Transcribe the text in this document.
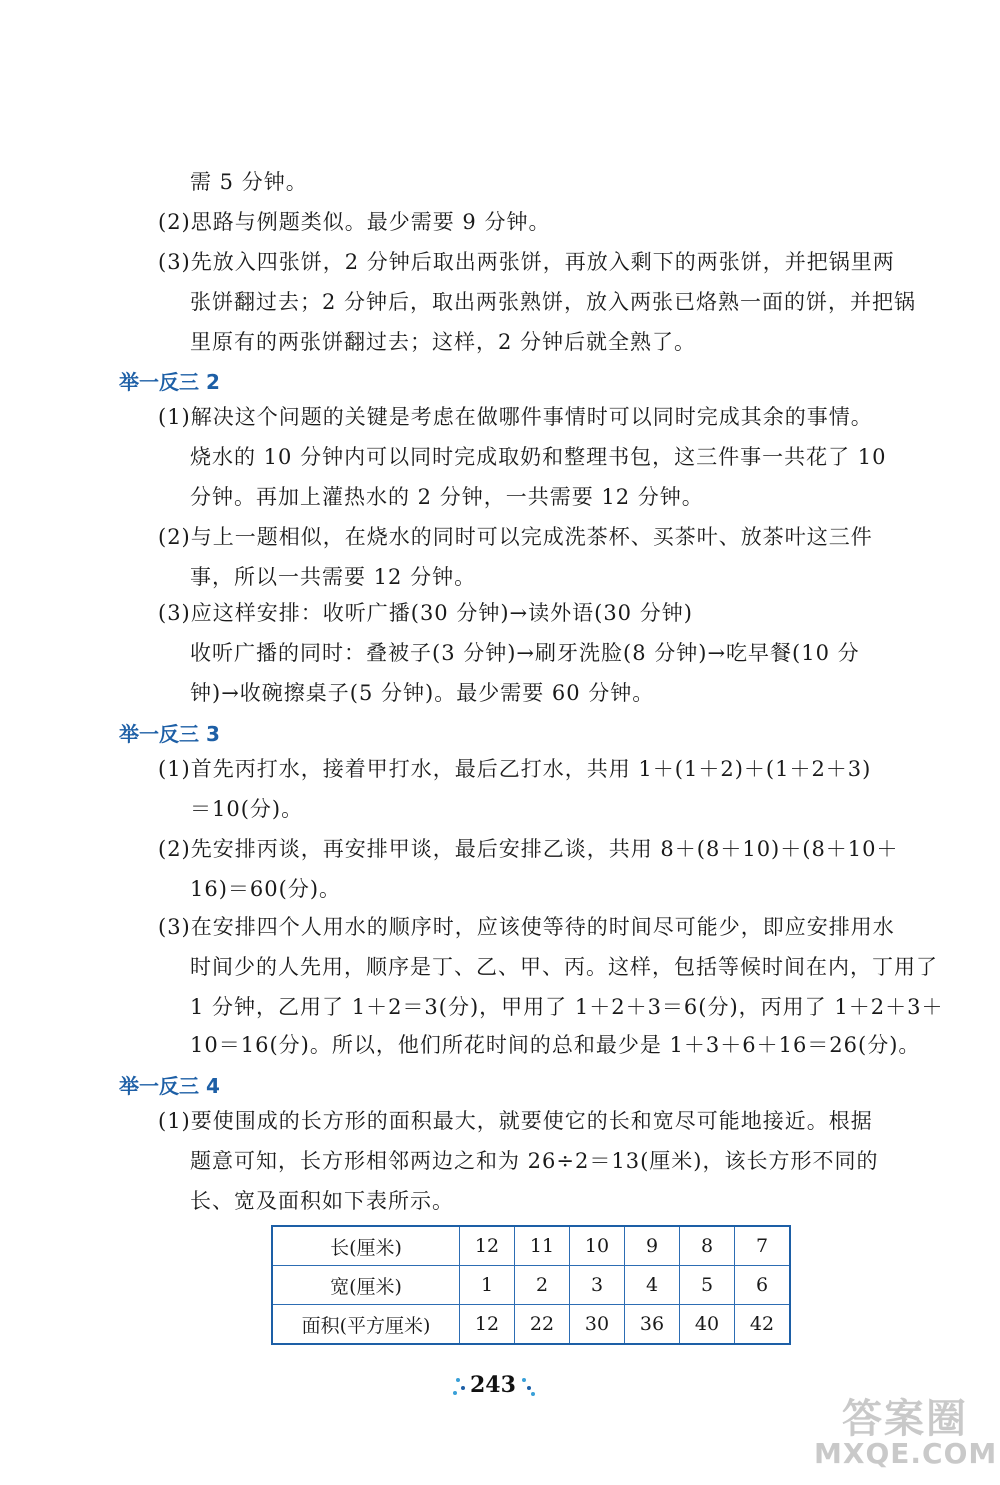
需 5 分钟。
(2)思路与例题类似。最少需要 9 分钟。
(3)先放入四张饼，2 分钟后取出两张饼，再放入剩下的两张饼，并把锅里两
张饼翻过去；2 分钟后，取出两张熟饼，放入两张已烙熟一面的饼，并把锅
里原有的两张饼翻过去；这样，2 分钟后就全熟了。
举一反三 2
(1)解决这个问题的关键是考虑在做哪件事情时可以同时完成其余的事情。
烧水的 10 分钟内可以同时完成取奶和整理书包，这三件事一共花了 10
分钟。再加上灌热水的 2 分钟，一共需要 12 分钟。
(2)与上一题相似，在烧水的同时可以完成洗茶杯、买茶叶、放茶叶这三件
事，所以一共需要 12 分钟。
(3)应这样安排：收听广播(30 分钟)→读外语(30 分钟)
收听广播的同时：叠被子(3 分钟)→刷牙洗脸(8 分钟)→吃早餐(10 分
钟)→收碗擦桌子(5 分钟)。最少需要 60 分钟。
举一反三 3
(1)首先丙打水，接着甲打水，最后乙打水，共用 1＋(1＋2)＋(1＋2＋3)
＝10(分)。
(2)先安排丙谈，再安排甲谈，最后安排乙谈，共用 8＋(8＋10)＋(8＋10＋
16)＝60(分)。
(3)在安排四个人用水的顺序时，应该使等待的时间尽可能少，即应安排用水
时间少的人先用，顺序是丁、乙、甲、丙。这样，包括等候时间在内，丁用了
1 分钟，乙用了 1＋2＝3(分)，甲用了 1＋2＋3＝6(分)，丙用了 1＋2＋3＋
10＝16(分)。所以，他们所花时间的总和最少是 1＋3＋6＋16＝26(分)。
举一反三 4
(1)要使围成的长方形的面积最大，就要使它的长和宽尽可能地接近。根据
题意可知，长方形相邻两边之和为 26÷2＝13(厘米)，该长方形不同的
长、宽及面积如下表所示。
长(厘米)	12	11	10	9	8	7
宽(厘米)	1	2	3	4	5	6
面积(平方厘米)	12	22	30	36	40	42
243
答案圈
MXQE.COM
